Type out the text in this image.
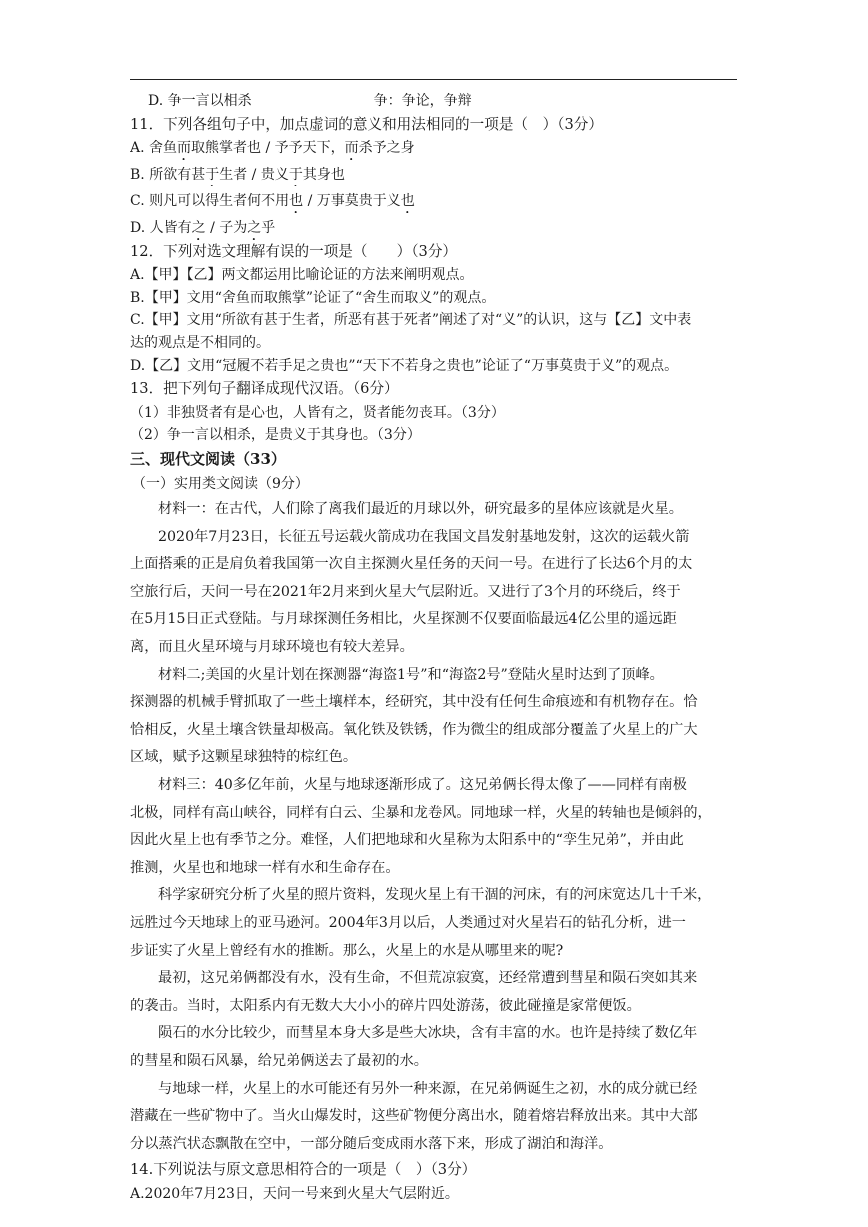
D. 争一言以相杀	争：争论，争辩
11．下列各组句子中，加点虚词的意义和用法相同的一项是（　）（3分）
A. 舍鱼而取熊掌者也 / 予予天下，而杀予之身
B. 所欲有甚于生者 / 贵义于其身也
C. 则凡可以得生者何不用也 / 万事莫贵于义也
D. 人皆有之 / 子为之乎
12．下列对选文理解有误的一项是（　　）（3分）
A.【甲】【乙】两文都运用比喻论证的方法来阐明观点。
B.【甲】文用“舍鱼而取熊掌”论证了“舍生而取义”的观点。
C.【甲】文用“所欲有甚于生者，所恶有甚于死者”阐述了对“义”的认识，这与【乙】文中表
达的观点是不相同的。
D.【乙】文用“冠履不若手足之贵也”“天下不若身之贵也”论证了“万事莫贵于义”的观点。
13．把下列句子翻译成现代汉语。（6分）
（1）非独贤者有是心也，人皆有之，贤者能勿丧耳。（3分）
（2）争一言以相杀，是贵义于其身也。（3分）
三、现代文阅读（33）
（一）实用类文阅读（9分）
材料一：在古代，人们除了离我们最近的月球以外，研究最多的星体应该就是火星。
2020年7月23日，长征五号运载火箭成功在我国文昌发射基地发射，这次的运载火箭
上面搭乘的正是肩负着我国第一次自主探测火星任务的天问一号。在进行了长达6个月的太
空旅行后，天问一号在2021年2月来到火星大气层附近。又进行了3个月的环绕后，终于
在5月15日正式登陆。与月球探测任务相比，火星探测不仅要面临最远4亿公里的遥远距
离，而且火星环境与月球环境也有较大差异。
材料二;美国的火星计划在探测器“海盗1号”和“海盗2号”登陆火星时达到了顶峰。
探测器的机械手臂抓取了一些土壤样本，经研究，其中没有任何生命痕迹和有机物存在。恰
恰相反，火星土壤含铁量却极高。氧化铁及铁锈，作为微尘的组成部分覆盖了火星上的广大
区域，赋予这颗星球独特的棕红色。
材料三：40多亿年前，火星与地球逐渐形成了。这兄弟俩长得太像了——同样有南极
北极，同样有高山峡谷，同样有白云、尘暴和龙卷风。同地球一样，火星的转轴也是倾斜的，
因此火星上也有季节之分。难怪，人们把地球和火星称为太阳系中的“孪生兄弟”，并由此
推测，火星也和地球一样有水和生命存在。
科学家研究分析了火星的照片资料，发现火星上有干涸的河床，有的河床宽达几十千米，
远胜过今天地球上的亚马逊河。2004年3月以后，人类通过对火星岩石的钻孔分析，进一
步证实了火星上曾经有水的推断。那么，火星上的水是从哪里来的呢?
最初，这兄弟俩都没有水，没有生命，不但荒凉寂寞，还经常遭到彗星和陨石突如其来
的袭击。当时，太阳系内有无数大大小小的碎片四处游荡，彼此碰撞是家常便饭。
陨石的水分比较少，而彗星本身大多是些大冰块，含有丰富的水。也许是持续了数亿年
的彗星和陨石风暴，给兄弟俩送去了最初的水。
与地球一样，火星上的水可能还有另外一种来源，在兄弟俩诞生之初，水的成分就已经
潜藏在一些矿物中了。当火山爆发时，这些矿物便分离出水，随着熔岩释放出来。其中大部
分以蒸汽状态飘散在空中，一部分随后变成雨水落下来，形成了湖泊和海洋。
14.下列说法与原文意思相符合的一项是（　）（3分）
A.2020年7月23日，天问一号来到火星大气层附近。
